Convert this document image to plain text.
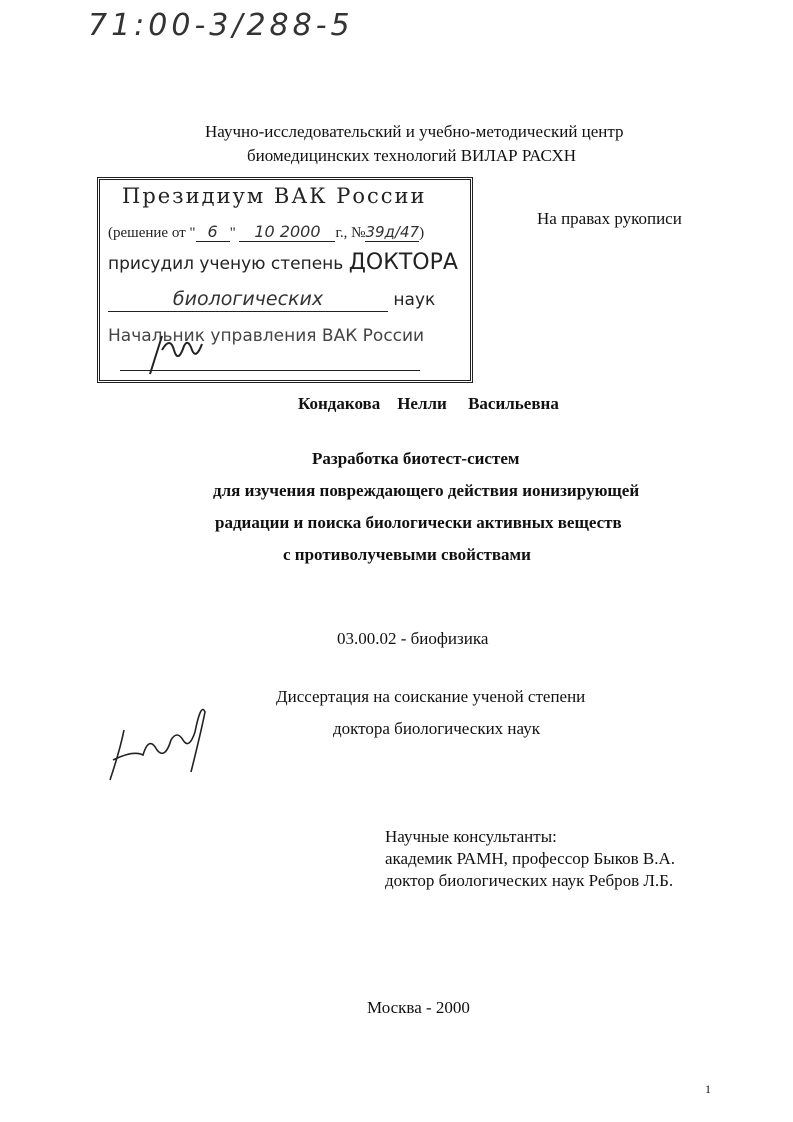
71:00-3/288-5
Научно-исследовательский и учебно-методический центр
биомедицинских технологий ВИЛАР РАСХН
Президиум ВАК России
(решение от " 6 " 10 2000 г., №39д/47)
присудил ученую степень ДОКТОРА
биологических	наук
Начальник управления ВАК России
На правах рукописи
Кондакова Нелли Васильевна
Разработка биотест-систем
для изучения повреждающего действия ионизирующей
радиации и поиска биологически активных веществ
с противолучевыми свойствами
03.00.02 - биофизика
Диссертация на соискание ученой степени
доктора биологических наук
Научные консультанты:
академик РАМН, профессор Быков В.А.
доктор биологических наук Ребров Л.Б.
Москва - 2000
1
